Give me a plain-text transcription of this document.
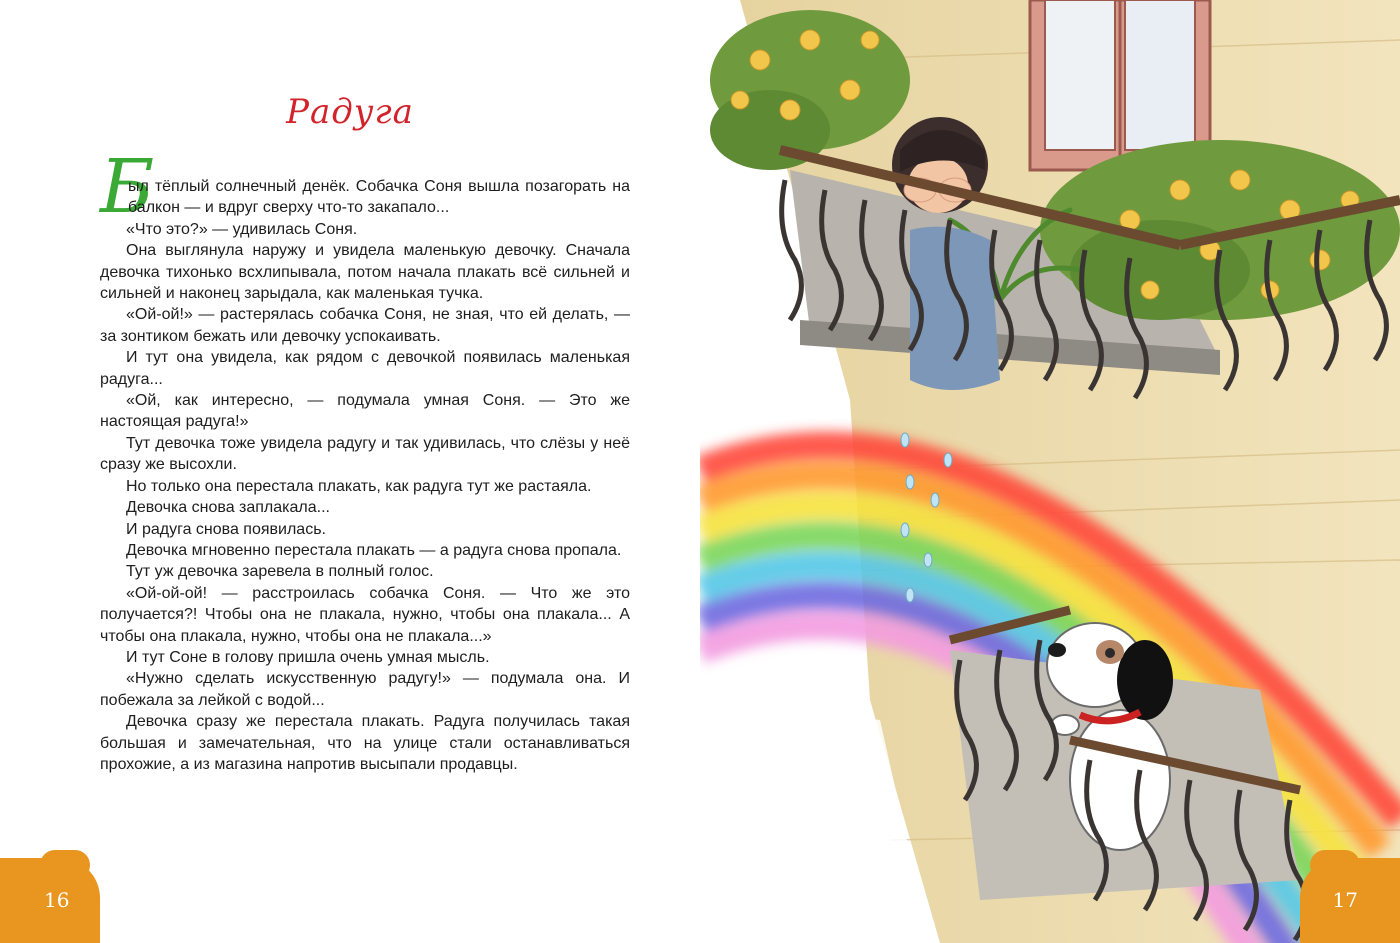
Радуга
Б

ыл тёплый солнечный денёк. Собачка Соня вышла позагорать на балкон — и вдруг сверху что-то закапало...

«Что это?» — удивилась Соня.

Она выглянула наружу и увидела маленькую девочку. Сначала девочка тихонько всхлипывала, потом начала плакать всё сильней и сильней и наконец зарыдала, как маленькая тучка.

«Ой-ой!» — растерялась собачка Соня, не зная, что ей делать, — за зонтиком бежать или девочку успокаивать.

И тут она увидела, как рядом с девочкой появилась маленькая радуга...

«Ой, как интересно, — подумала умная Соня. — Это же настоящая радуга!»

Тут девочка тоже увидела радугу и так удивилась, что слёзы у неё сразу же высохли.

Но только она перестала плакать, как радуга тут же растаяла.

Девочка снова заплакала...

И радуга снова появилась.

Девочка мгновенно перестала плакать — а радуга снова пропала.

Тут уж девочка заревела в полный голос.

«Ой-ой-ой! — расстроилась собачка Соня. — Что же это получается?! Чтобы она не плакала, нужно, чтобы она плакала... А чтобы она плакала, нужно, чтобы она не плакала...»

И тут Соне в голову пришла очень умная мысль.

«Нужно сделать искусственную радугу!» — подумала она. И побежала за лейкой с водой...

Девочка сразу же перестала плакать. Радуга получилась такая большая и замечательная, что на улице стали останавливаться прохожие, а из магазина напротив высыпали продавцы.

16	17
